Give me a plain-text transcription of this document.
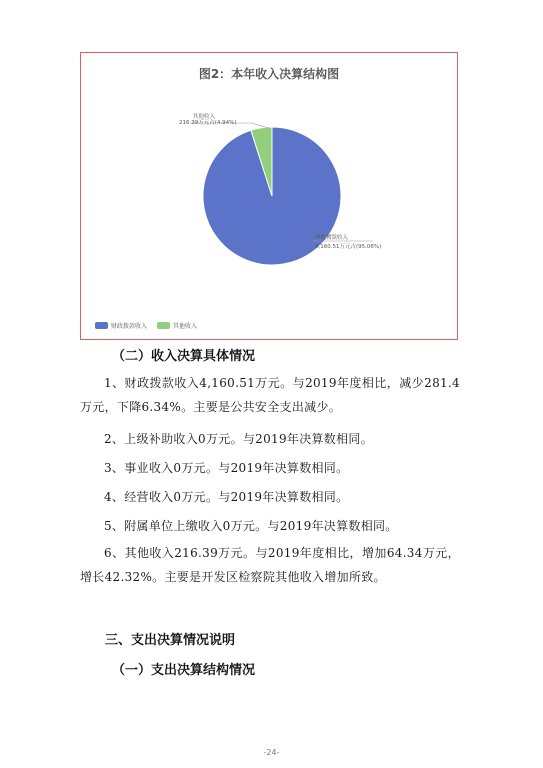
图2：本年收入决算结构图
财政拨款收入
4,160.51万元占(95.06%)
其他收入
216.39万元占(4.94%)
财政拨款收入	其他收入
（二）收入决算具体情况

1、财政拨款收入4,160.51万元。与2019年度相比，减少281.4万元，下降6.34%。主要是公共安全支出减少。

2、上级补助收入0万元。与2019年决算数相同。

3、事业收入0万元。与2019年决算数相同。

4、经营收入0万元。与2019年决算数相同。

5、附属单位上缴收入0万元。与2019年决算数相同。

6、其他收入216.39万元。与2019年度相比，增加64.34万元，增长42.32%。主要是开发区检察院其他收入增加所致。

三、支出决算情况说明
（一）支出决算结构情况
-24-
